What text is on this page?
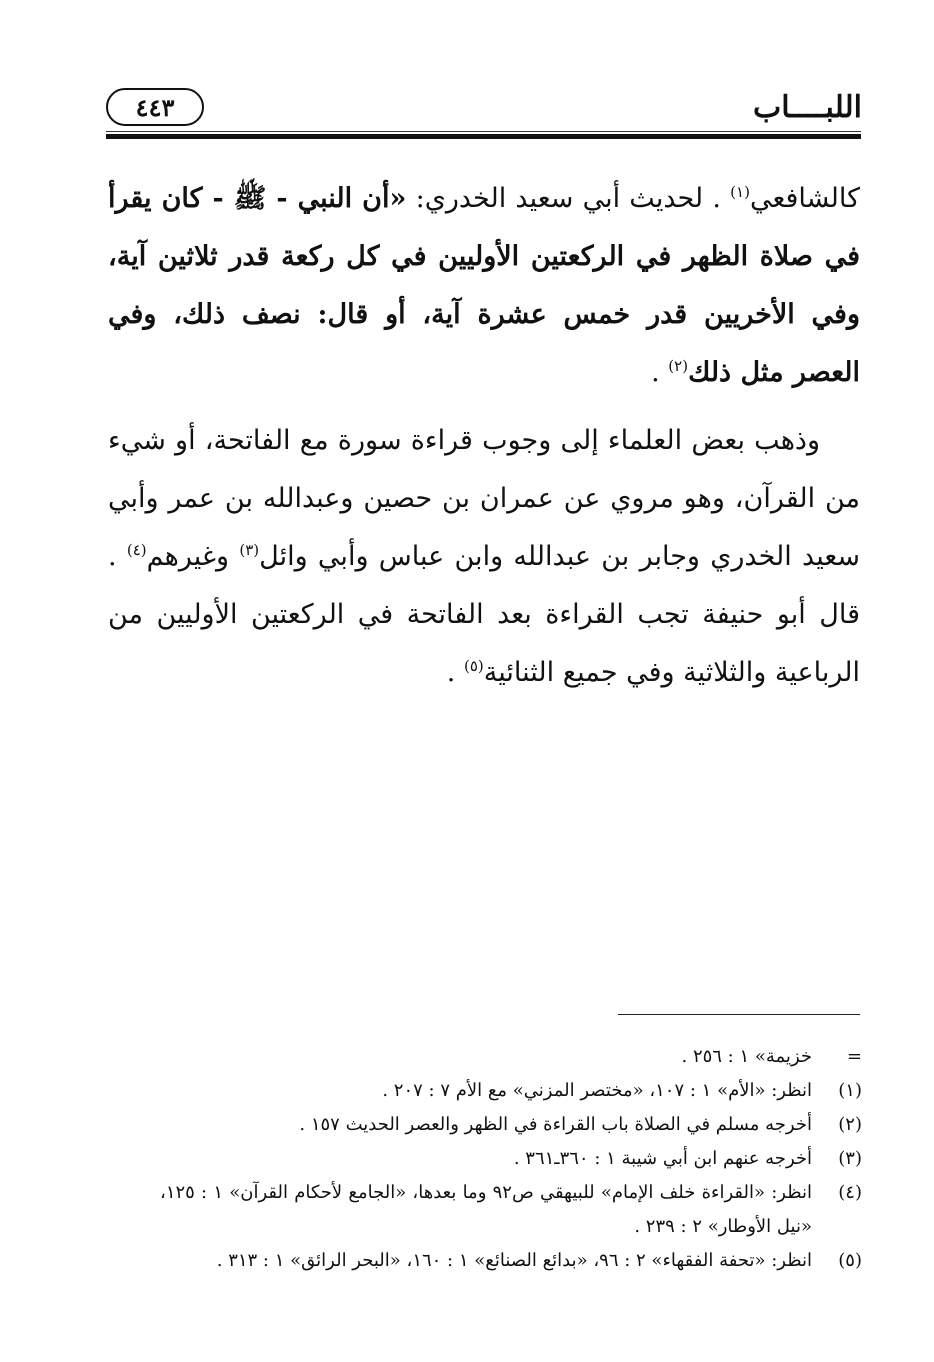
اللبــــاب
٤٤٣

كالشافعي$^{(١)}$ . لحديث أبي سعيد الخدري: «أن النبي - ﷺ - كان يقرأ في صلاة الظهر في الركعتين الأوليين في كل ركعة قدر ثلاثين آية، وفي الأخريين قدر خمس عشرة آية، أو قال: نصف ذلك، وفي العصر مثل ذلك$^{(٢)}$ .

وذهب بعض العلماء إلى وجوب قراءة سورة مع الفاتحة، أو شيء من القرآن، وهو مروي عن عمران بن حصين وعبدالله بن عمر وأبي سعيد الخدري وجابر بن عبدالله وابن عباس وأبي وائل$^{(٣)}$ وغيرهم$^{(٤)}$ . قال أبو حنيفة تجب القراءة بعد الفاتحة في الركعتين الأوليين من الرباعية والثلاثية وفي جميع الثنائية$^{(٥)}$ .

=
خزيمة» ١ : ٢٥٦ .
(١)
انظر: «الأم» ١ : ١٠٧، «مختصر المزني» مع الأم ٧ : ٢٠٧ .
(٢)
أخرجه مسلم في الصلاة باب القراءة في الظهر والعصر الحديث ١٥٧ .
(٣)
أخرجه عنهم ابن أبي شيبة ١ : ٣٦٠ـ٣٦١ .
(٤)
انظر: «القراءة خلف الإمام» للبيهقي ص٩٢ وما بعدها، «الجامع لأحكام القرآن» ١ : ١٢٥، «نيل الأوطار» ٢ : ٢٣٩ .
(٥)
انظر: «تحفة الفقهاء» ٢ : ٩٦، «بدائع الصنائع» ١ : ١٦٠، «البحر الرائق» ١ : ٣١٣ .
